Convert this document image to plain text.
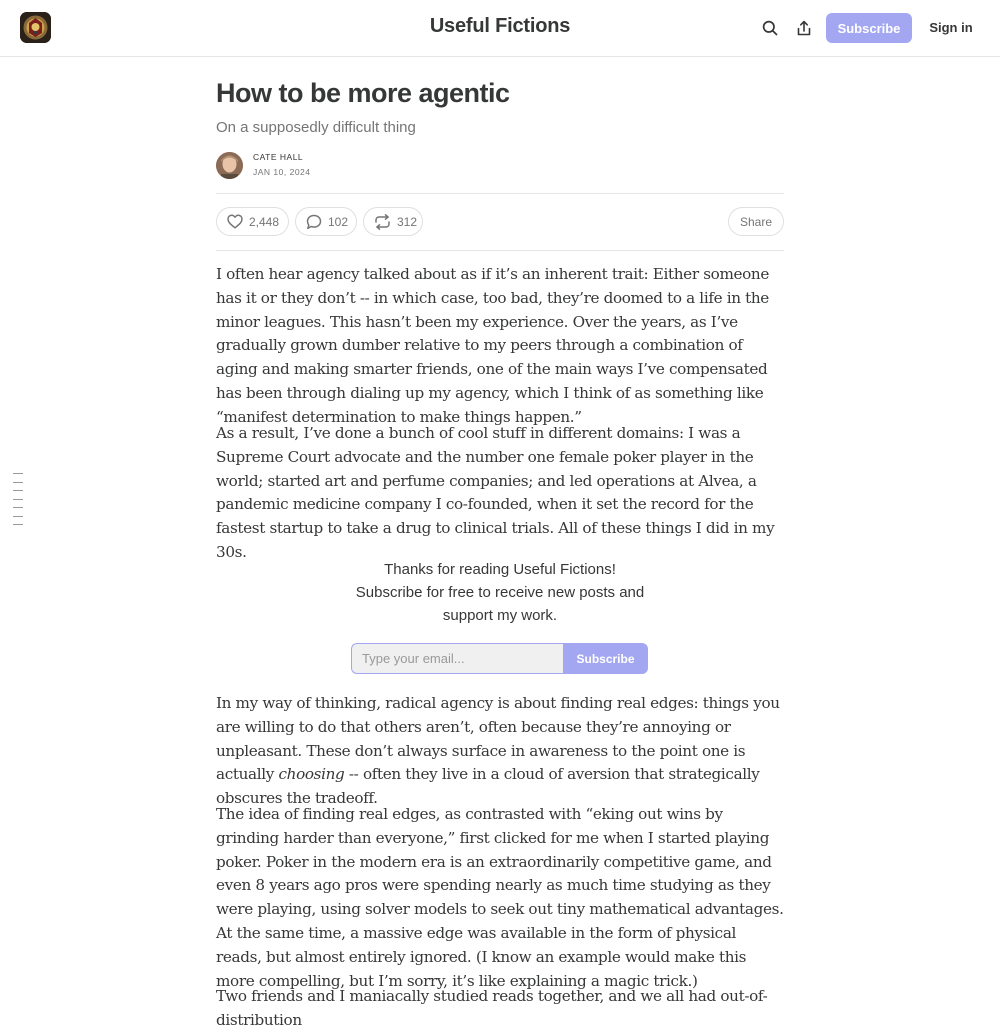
Useful Fictions	Subscribe	Sign in
How to be more agentic
On a supposedly difficult thing
CATE HALL
JAN 10, 2024
2,448	102	312	Share

I often hear agency talked about as if it’s an inherent trait: Either someone has it or they don’t -- in which case, too bad, they’re doomed to a life in the minor leagues. This hasn’t been my experience. Over the years, as I’ve gradually grown dumber relative to my peers through a combination of aging and making smarter friends, one of the main ways I’ve compensated has been through dialing up my agency, which I think of as something like “manifest determination to make things happen.”

As a result, I’ve done a bunch of cool stuff in different domains: I was a Supreme Court advocate and the number one female poker player in the world; started art and perfume companies; and led operations at Alvea, a pandemic medicine company I co-founded, when it set the record for the fastest startup to take a drug to clinical trials. All of these things I did in my 30s.

Thanks for reading Useful Fictions!
Subscribe for free to receive new posts and
support my work.
Type your email...
Subscribe

In my way of thinking, radical agency is about finding real edges: things you are willing to do that others aren’t, often because they’re annoying or unpleasant. These don’t always surface in awareness to the point one is actually choosing -- often they live in a cloud of aversion that strategically obscures the tradeoff.

The idea of finding real edges, as contrasted with “eking out wins by grinding harder than everyone,” first clicked for me when I started playing poker. Poker in the modern era is an extraordinarily competitive game, and even 8 years ago pros were spending nearly as much time studying as they were playing, using solver models to seek out tiny mathematical advantages. At the same time, a massive edge was available in the form of physical reads, but almost entirely ignored. (I know an example would make this more compelling, but I’m sorry, it’s like explaining a magic trick.)

Two friends and I maniacally studied reads together, and we all had out-of-distribution
